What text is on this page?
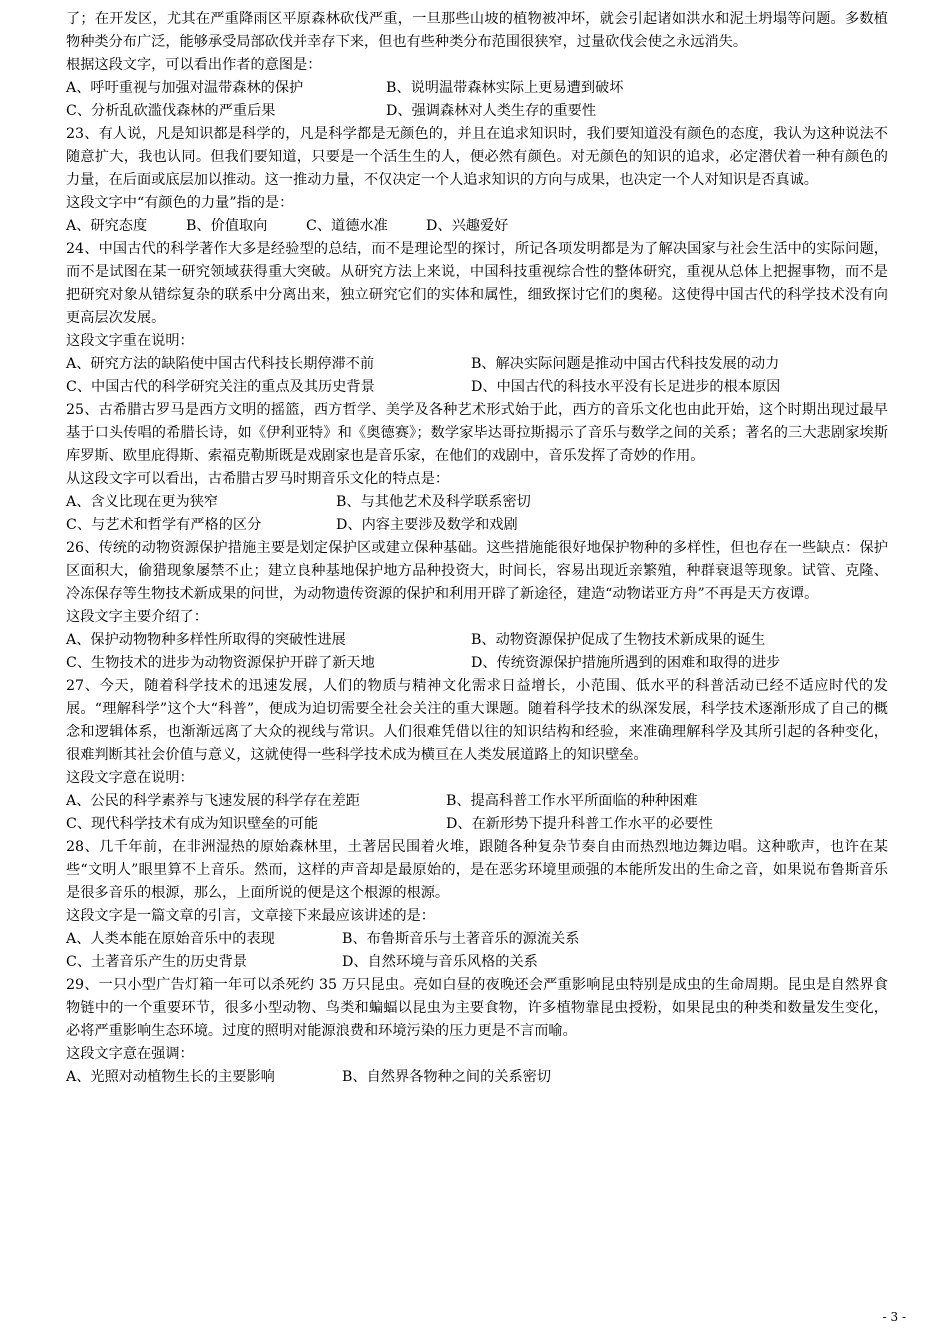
了；在开发区，尤其在严重降雨区平原森林砍伐严重，一旦那些山坡的植物被冲坏，就会引起诸如洪水和泥土坍塌等问题。多数植物种类分布广泛，能够承受局部砍伐并幸存下来，但也有些种类分布范围很狭窄，过量砍伐会使之永远消失。

根据这段文字，可以看出作者的意图是：

A、呼吁重视与加强对温带森林的保护	B、说明温带森林实际上更易遭到破坏
C、分析乱砍滥伐森林的严重后果	D、强调森林对人类生存的重要性

23、有人说，凡是知识都是科学的，凡是科学都是无颜色的，并且在追求知识时，我们要知道没有颜色的态度，我认为这种说法不随意扩大，我也认同。但我们要知道，只要是一个活生生的人，便必然有颜色。对无颜色的知识的追求，必定潜伏着一种有颜色的力量，在后面或底层加以推动。这一推动力量，不仅决定一个人追求知识的方向与成果，也决定一个人对知识是否真诚。

这段文字中“有颜色的力量”指的是：

A、研究态度	B、价值取向	C、道德水准	D、兴趣爱好

24、中国古代的科学著作大多是经验型的总结，而不是理论型的探讨，所记各项发明都是为了解决国家与社会生活中的实际问题，而不是试图在某一研究领域获得重大突破。从研究方法上来说，中国科技重视综合性的整体研究，重视从总体上把握事物，而不是把研究对象从错综复杂的联系中分离出来，独立研究它们的实体和属性，细致探讨它们的奥秘。这使得中国古代的科学技术没有向更高层次发展。

这段文字重在说明：

A、研究方法的缺陷使中国古代科技长期停滞不前	B、解决实际问题是推动中国古代科技发展的动力
C、中国古代的科学研究关注的重点及其历史背景	D、中国古代的科技水平没有长足进步的根本原因

25、古希腊古罗马是西方文明的摇篮，西方哲学、美学及各种艺术形式始于此，西方的音乐文化也由此开始，这个时期出现过最早基于口头传唱的希腊长诗，如《伊利亚特》和《奥德赛》；数学家毕达哥拉斯揭示了音乐与数学之间的关系；著名的三大悲剧家埃斯库罗斯、欧里庇得斯、索福克勒斯既是戏剧家也是音乐家，在他们的戏剧中，音乐发挥了奇妙的作用。

从这段文字可以看出，古希腊古罗马时期音乐文化的特点是：

A、含义比现在更为狭窄	B、与其他艺术及科学联系密切
C、与艺术和哲学有严格的区分	D、内容主要涉及数学和戏剧

26、传统的动物资源保护措施主要是划定保护区或建立保种基础。这些措施能很好地保护物种的多样性，但也存在一些缺点：保护区面积大，偷猎现象屡禁不止；建立良种基地保护地方品种投资大，时间长，容易出现近亲繁殖，种群衰退等现象。试管、克隆、冷冻保存等生物技术新成果的问世，为动物遗传资源的保护和利用开辟了新途径，建造“动物诺亚方舟”不再是天方夜谭。

这段文字主要介绍了：

A、保护动物物种多样性所取得的突破性进展	B、动物资源保护促成了生物技术新成果的诞生
C、生物技术的进步为动物资源保护开辟了新天地	D、传统资源保护措施所遇到的困难和取得的进步

27、今天，随着科学技术的迅速发展，人们的物质与精神文化需求日益增长，小范围、低水平的科普活动已经不适应时代的发展。“理解科学”这个大“科普”，便成为迫切需要全社会关注的重大课题。随着科学技术的纵深发展，科学技术逐渐形成了自己的概念和逻辑体系，也渐渐远离了大众的视线与常识。人们很难凭借以往的知识结构和经验，来准确理解科学及其所引起的各种变化，很难判断其社会价值与意义，这就使得一些科学技术成为横亘在人类发展道路上的知识壁垒。

这段文字意在说明：

A、公民的科学素养与飞速发展的科学存在差距	B、提高科普工作水平所面临的种种困难
C、现代科学技术有成为知识壁垒的可能	D、在新形势下提升科普工作水平的必要性

28、几千年前，在非洲湿热的原始森林里，土著居民围着火堆，跟随各种复杂节奏自由而热烈地边舞边唱。这种歌声，也许在某些“文明人”眼里算不上音乐。然而，这样的声音却是最原始的，是在恶劣环境里顽强的本能所发出的生命之音，如果说布鲁斯音乐是很多音乐的根源，那么，上面所说的便是这个根源的根源。

这段文字是一篇文章的引言，文章接下来最应该讲述的是：

A、人类本能在原始音乐中的表现	B、布鲁斯音乐与土著音乐的源流关系
C、土著音乐产生的历史背景	D、自然环境与音乐风格的关系

29、一只小型广告灯箱一年可以杀死约 35 万只昆虫。亮如白昼的夜晚还会严重影响昆虫特别是成虫的生命周期。昆虫是自然界食物链中的一个重要环节，很多小型动物、鸟类和蝙蝠以昆虫为主要食物，许多植物靠昆虫授粉，如果昆虫的种类和数量发生变化，必将严重影响生态环境。过度的照明对能源浪费和环境污染的压力更是不言而喻。

这段文字意在强调：

A、光照对动植物生长的主要影响	B、自然界各物种之间的关系密切
- 3 -
